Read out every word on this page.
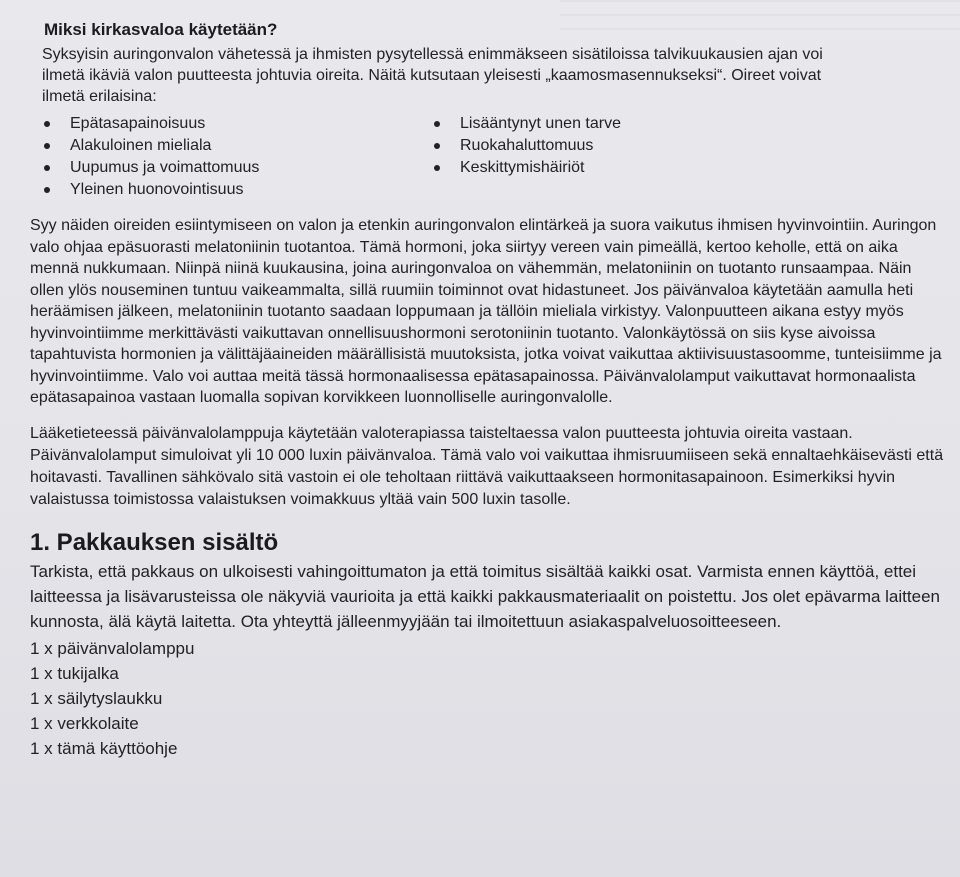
Miksi kirkasvaloa käytetään?

Syksyisin auringonvalon vähetessä ja ihmisten pysytellessä enimmäkseen sisätiloissa talvikuukausien ajan voi ilmetä ikäviä valon puutteesta johtuvia oireita. Näitä kutsutaan yleisesti „kaamosmasennukseksi“. Oireet voivat ilmetä erilaisina:

Epätasapainoisuus
Alakuloinen mieliala
Uupumus ja voimattomuus
Yleinen huonovointisuus
Lisääntynyt unen tarve
Ruokahaluttomuus
Keskittymishäiriöt

Syy näiden oireiden esiintymiseen on valon ja etenkin auringonvalon elintärkeä ja suora vaikutus ihmisen hyvinvointiin. Auringon valo ohjaa epäsuorasti melatoniinin tuotantoa. Tämä hormoni, joka siirtyy vereen vain pimeällä, kertoo keholle, että on aika mennä nukkumaan. Niinpä niinä kuukausina, joina auringonvaloa on vähemmän, melatoniinin on tuotanto runsaampaa. Näin ollen ylös nouseminen tuntuu vaikeammalta, sillä ruumiin toiminnot ovat hidastuneet. Jos päivänvaloa käytetään aamulla heti heräämisen jälkeen, melatoniinin tuotanto saadaan loppumaan ja tällöin mieliala virkistyy. Valonpuutteen aikana estyy myös hyvinvointiimme merkittävästi vaikuttavan onnellisuushormoni serotoniinin tuotanto. Valonkäytössä on siis kyse aivoissa tapahtuvista hormonien ja välittäjäaineiden määrällisistä muutoksista, jotka voivat vaikuttaa aktiivisuustasoomme, tunteisiimme ja hyvinvointiimme. Valo voi auttaa meitä tässä hormonaalisessa epätasapainossa. Päivänvalolamput vaikuttavat hormonaalista epätasapainoa vastaan luomalla sopivan korvikkeen luonnolliselle auringonvalolle.

Lääketieteessä päivänvalolamppuja käytetään valoterapiassa taisteltaessa valon puutteesta johtuvia oireita vastaan. Päivänvalolamput simuloivat yli 10 000 luxin päivänvaloa. Tämä valo voi vaikuttaa ihmisruumiiseen sekä ennaltaehkäisevästi että hoitavasti. Tavallinen sähkövalo sitä vastoin ei ole teholtaan riittävä vaikuttaakseen hormonitasapainoon. Esimerkiksi hyvin valaistussa toimistossa valaistuksen voimakkuus yltää vain 500 luxin tasolle.

1. Pakkauksen sisältö

Tarkista, että pakkaus on ulkoisesti vahingoittumaton ja että toimitus sisältää kaikki osat. Varmista ennen käyttöä, ettei laitteessa ja lisävarusteissa ole näkyviä vaurioita ja että kaikki pakkausmateriaalit on poistettu. Jos olet epävarma laitteen kunnosta, älä käytä laitetta. Ota yhteyttä jälleenmyyjään tai ilmoitettuun asiakaspalveluosoitteeseen.

1 x päivänvalolamppu
1 x tukijalka
1 x säilytyslaukku
1 x verkkolaite
1 x tämä käyttöohje
